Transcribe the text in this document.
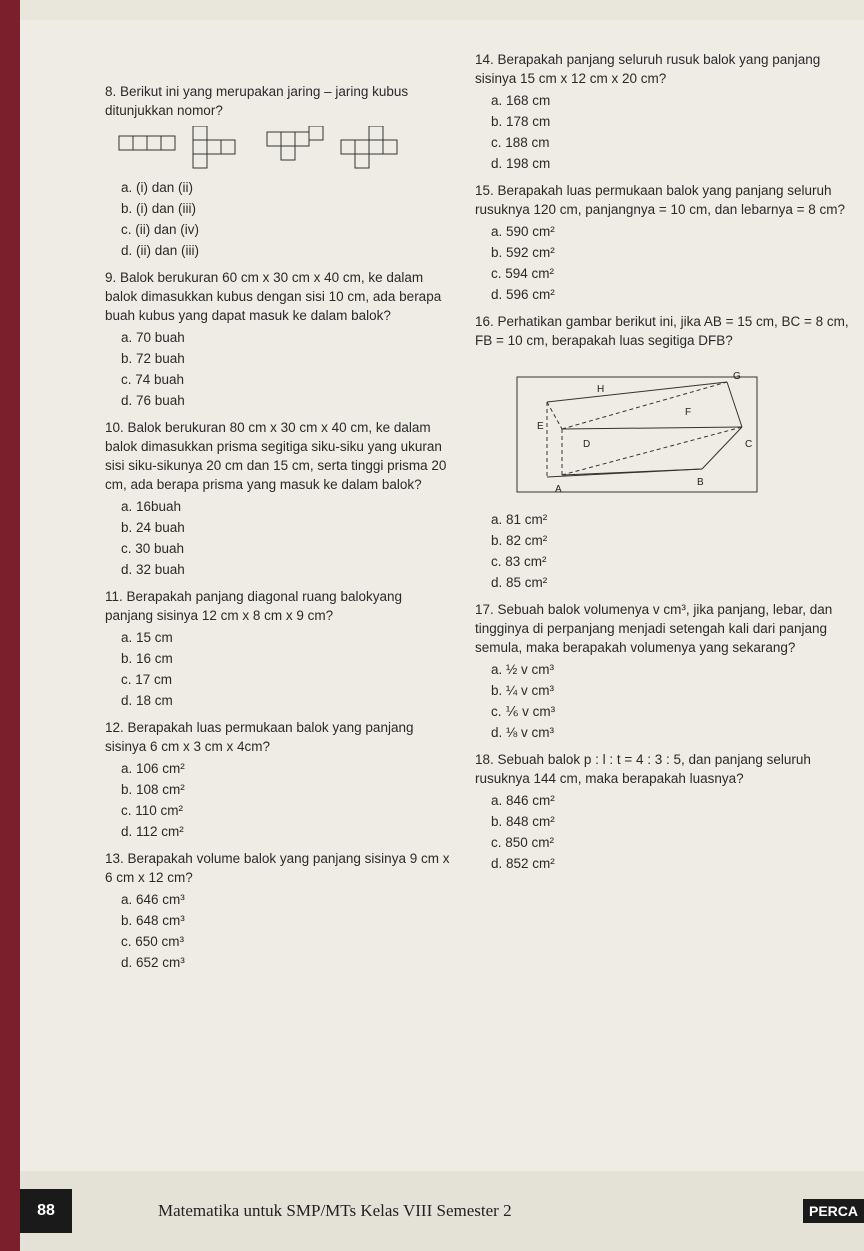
8. Berikut ini yang merupakan jaring – jaring kubus ditunjukkan nomor?
a. (i) dan (ii)
b. (i) dan (iii)
c. (ii) dan (iv)
d. (ii) dan (iii)
9. Balok berukuran 60 cm x 30 cm x 40 cm, ke dalam balok dimasukkan kubus dengan sisi 10 cm, ada berapa buah kubus yang dapat masuk ke dalam balok?
a. 70 buah
b. 72 buah
c. 74 buah
d. 76 buah
10. Balok berukuran 80 cm x 30 cm x 40 cm, ke dalam balok dimasukkan prisma segitiga siku-siku yang ukuran sisi siku-sikunya 20 cm dan 15 cm, serta tinggi prisma 20 cm, ada berapa prisma yang masuk ke dalam balok?
a. 16buah
b. 24 buah
c. 30 buah
d. 32 buah
11. Berapakah panjang diagonal ruang balokyang panjang sisinya 12 cm x 8 cm x 9 cm?
a. 15 cm
b. 16 cm
c. 17 cm
d. 18 cm
12. Berapakah luas permukaan balok yang panjang sisinya 6 cm x 3 cm x 4cm?
a. 106 cm²
b. 108 cm²
c. 110 cm²
d. 112 cm²
13. Berapakah volume balok yang panjang sisinya 9 cm x 6 cm x 12 cm?
a. 646 cm³
b. 648 cm³
c. 650 cm³
d. 652 cm³
14. Berapakah panjang seluruh rusuk balok yang panjang sisinya 15 cm x 12 cm x 20 cm?
a. 168 cm
b. 178 cm
c. 188 cm
d. 198 cm
15. Berapakah luas permukaan balok yang panjang seluruh rusuknya 120 cm, panjangnya = 10 cm, dan lebarnya = 8 cm?
a. 590 cm²
b. 592 cm²
c. 594 cm²
d. 596 cm²
16. Perhatikan gambar berikut ini, jika AB = 15 cm, BC = 8 cm, FB = 10 cm, berapakah luas segitiga DFB?
H
G
F
E
D	C
A
B
a. 81 cm²
b. 82 cm²
c. 83 cm²
d. 85 cm²
17. Sebuah balok volumenya v cm³, jika panjang, lebar, dan tingginya di perpanjang menjadi setengah kali dari panjang semula, maka berapakah volumenya yang sekarang?
a. ½ v cm³
b. ¼ v cm³
c. ⅙ v cm³
d. ⅛ v cm³
18. Sebuah balok p : l : t = 4 : 3 : 5, dan panjang seluruh rusuknya 144 cm, maka berapakah luasnya?
a. 846 cm²
b. 848 cm²
c. 850 cm²
d. 852 cm²
88	Matematika untuk SMP/MTs Kelas VIII Semester 2	PERCA
